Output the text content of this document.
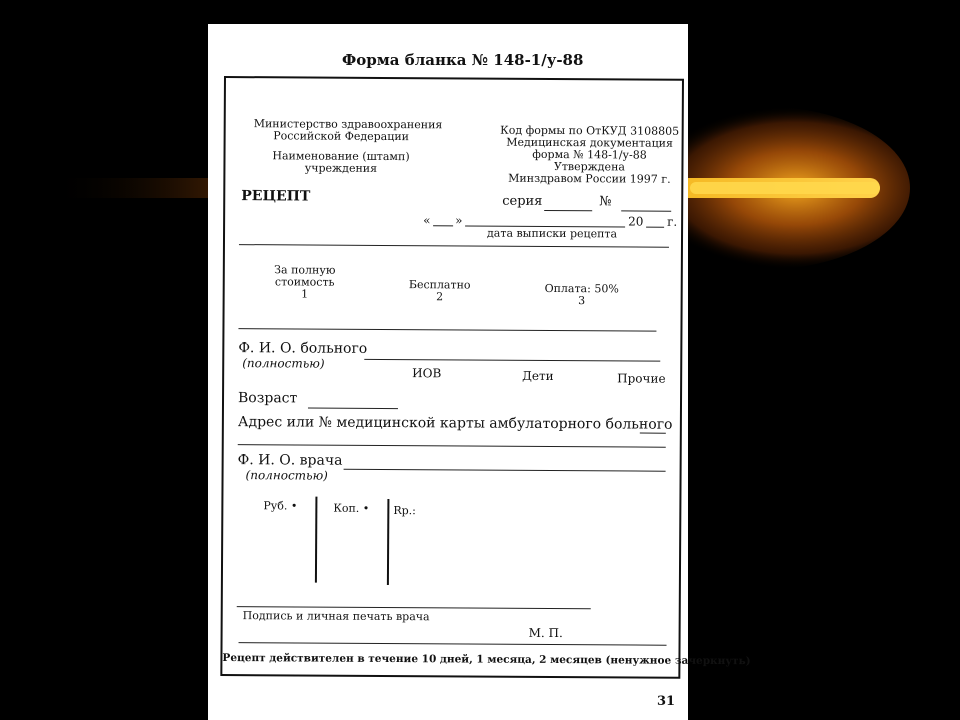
Форма бланка № 148-1/у-88
Министерство здравоохранения
Российской Федерации
Наименование (штамп)
учреждения
Код формы по ОтКУД 3108805
Медицинская документация
форма № 148-1/у-88
Утверждена
Минздравом России 1997 г.
РЕЦЕПТ	серия	№
« »	20 г.
дата выписки рецепта
За полную
стоимость
1
Бесплатно
2
Оплата: 50%
3
Ф. И. О. больного
(полностью)
ИОВ	Дети	Прочие
Возраст
Адрес или № медицинской карты амбулаторного больного
Ф. И. О. врача
(полностью)
Руб. •	Коп. • Rp.:
Подпись и личная печать врача
М. П.
Рецепт действителен в течение 10 дней, 1 месяца, 2 месяцев (ненужное зачеркнуть)
31
